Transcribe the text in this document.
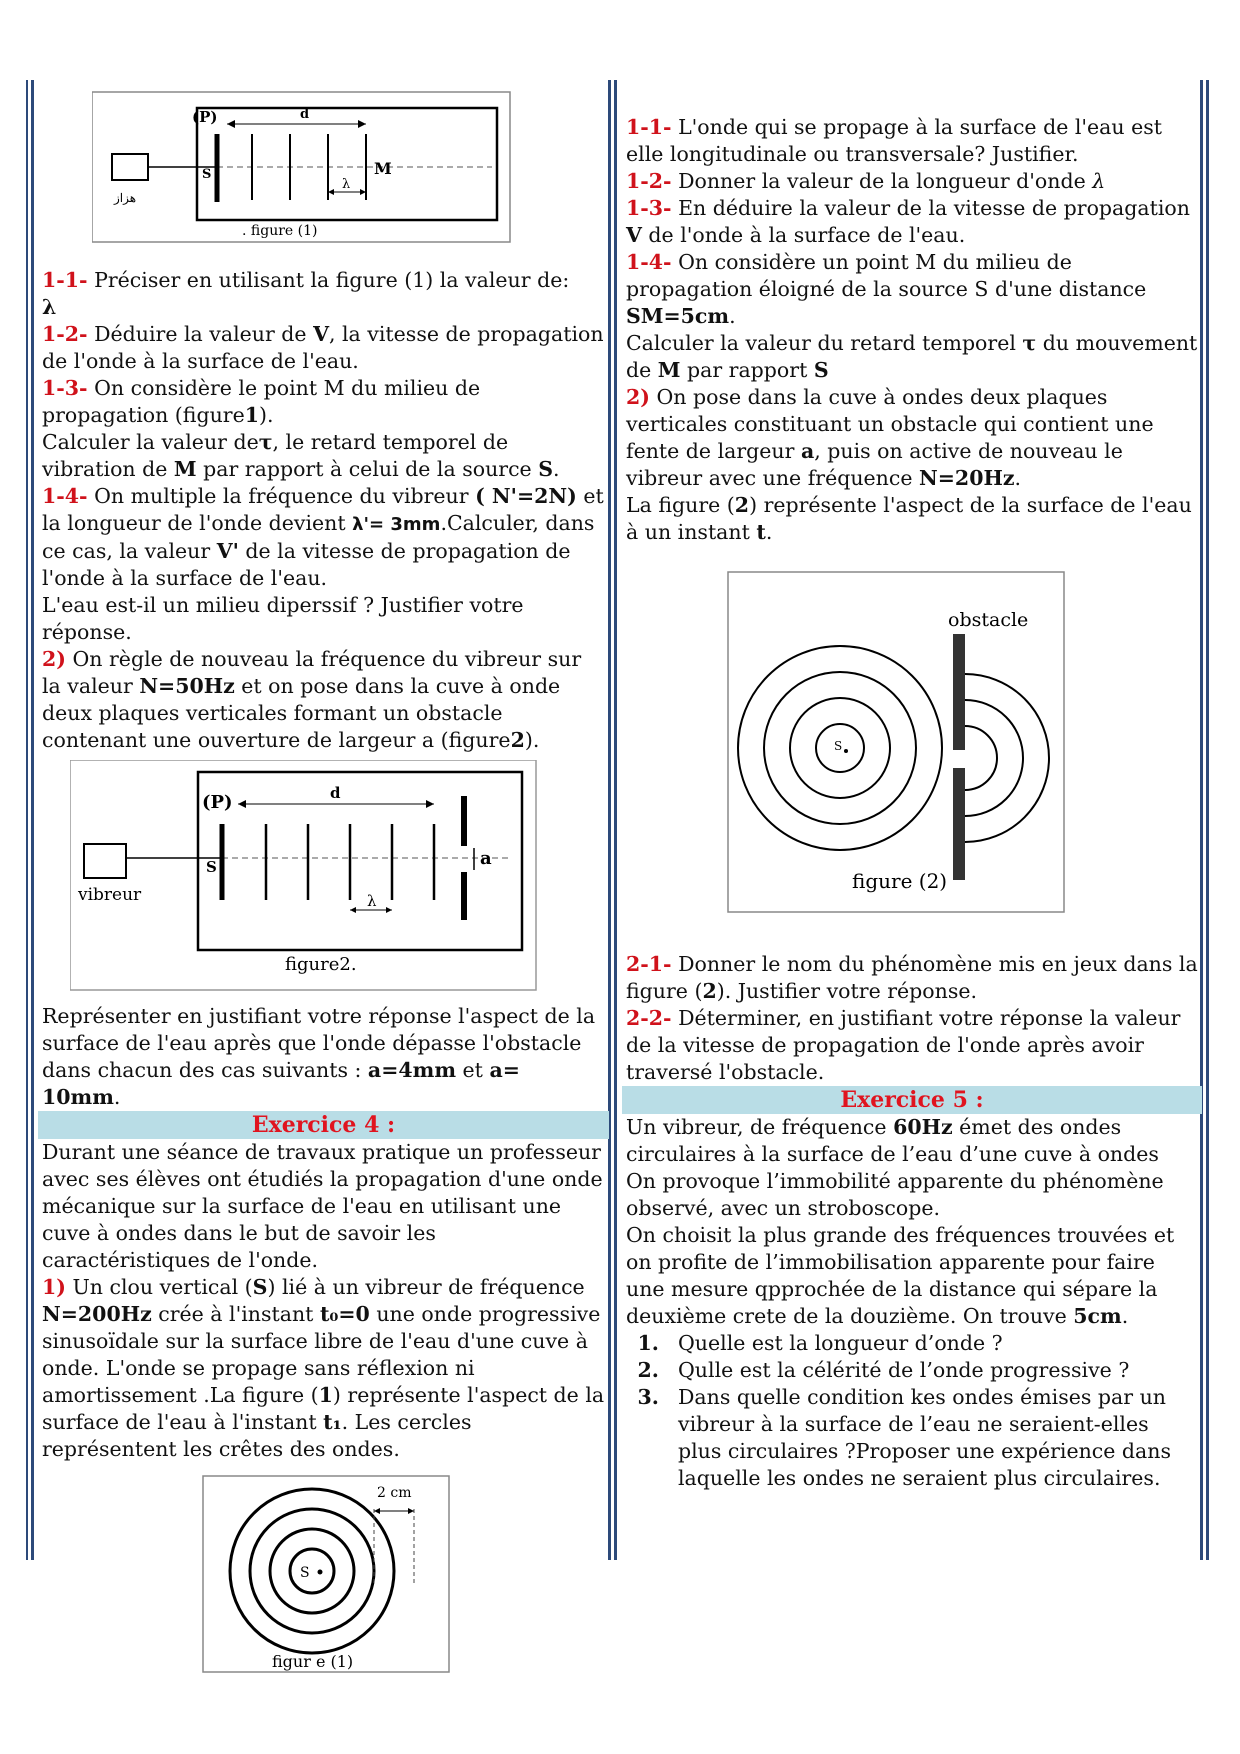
(P)	d
S	M
λ
هزاز
. figure (1)

1-1- Préciser en utilisant la figure (1) la valeur de:
λ

1-2- Déduire la valeur de V, la vitesse de propagation de l'onde à la surface de l'eau.

1-3- On considère le point M du milieu de propagation (figure1).
Calculer la valeur deτ, le retard temporel de vibration de M par rapport à celui de la source S.

1-4- On multiple la fréquence du vibreur ( N'=2N) et la longueur de l'onde devient λ'= 3mm.Calculer, dans ce cas, la valeur V' de la vitesse de propagation de l'onde à la surface de l'eau.
L'eau est-il un milieu diperssif ? Justifier votre réponse.

2) On règle de nouveau la fréquence du vibreur sur la valeur N=50Hz et on pose dans la cuve à onde deux plaques verticales formant un obstacle contenant une ouverture de largeur a (figure2).

(P)	d
S	a
λ
vibreur
figure2.

Représenter en justifiant votre réponse l'aspect de la surface de l'eau après que l'onde dépasse l'obstacle dans chacun des cas suivants : a=4mm et a= 10mm.

Exercice 4 :

Durant une séance de travaux pratique un professeur avec ses élèves ont étudiés la propagation d'une onde mécanique sur la surface de l'eau en utilisant une cuve à ondes dans le but de savoir les caractéristiques de l'onde.

1) Un clou vertical (S) lié à un vibreur de fréquence N=200Hz crée à l'instant t₀=0 une onde progressive sinusoïdale sur la surface libre de l'eau d'une cuve à onde. L'onde se propage sans réflexion ni amortissement .La figure (1) représente l'aspect de la surface de l'eau à l'instant t₁. Les cercles représentent les crêtes des ondes.

2 cm
S
figur e (1)

1-1- L'onde qui se propage à la surface de l'eau est elle longitudinale ou transversale? Justifier.

1-2- Donner la valeur de la longueur d'onde λ

1-3- En déduire la valeur de la vitesse de propagation V de l'onde à la surface de l'eau.

1-4- On considère un point M du milieu de propagation éloigné de la source S d'une distance SM=5cm.
Calculer la valeur du retard temporel τ du mouvement de M par rapport S

2) On pose dans la cuve à ondes deux plaques verticales constituant un obstacle qui contient une fente de largeur a, puis on active de nouveau le vibreur avec une fréquence N=20Hz.
La figure (2) représente l'aspect de la surface de l'eau à un instant t.

obstacle
S
figure (2)

2-1- Donner le nom du phénomène mis en jeux dans la figure (2). Justifier votre réponse.

2-2- Déterminer, en justifiant votre réponse la valeur de la vitesse de propagation de l'onde après avoir traversé l'obstacle.

Exercice 5 :

Un vibreur, de fréquence 60Hz émet des ondes circulaires à la surface de l’eau d’une cuve à ondes

On provoque l’immobilité apparente du phénomène observé, avec un stroboscope.

On choisit la plus grande des fréquences trouvées et on profite de l’immobilisation apparente pour faire une mesure qpprochée de la distance qui sépare la deuxième crete de la douzième. On trouve 5cm.

1. Quelle est la longueur d’onde ?
2. Qulle est la célérité de l’onde progressive ?
3. Dans quelle condition kes ondes émises par un vibreur à la surface de l’eau ne seraient-elles plus circulaires ?Proposer une expérience dans laquelle les ondes ne seraient plus circulaires.
